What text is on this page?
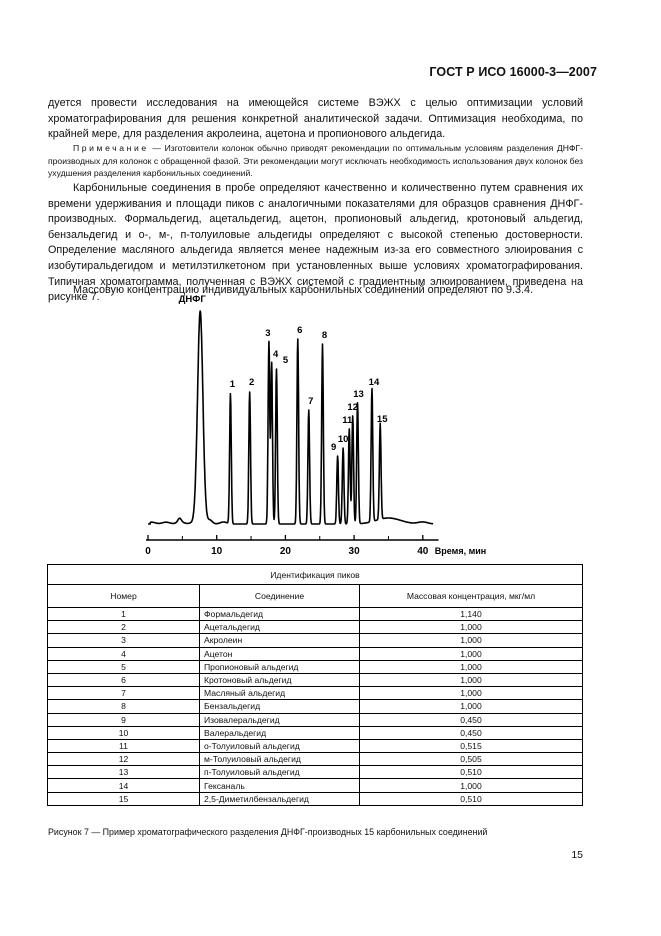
ГОСТ Р ИСО 16000-3—2007

дуется провести исследования на имеющейся системе ВЭЖХ с целью оптимизации условий хроматографирования для решения конкретной аналитической задачи. Оптимизация необходима, по крайней мере, для разделения акролеина, ацетона и пропионового альдегида.

Примечание — Изготовители колонок обычно приводят рекомендации по оптимальным условиям разделения ДНФГ-производных для колонок с обращенной фазой. Эти рекомендации могут исключать необходимость использования двух колонок без ухудшения разделения карбонильных соединений.

Карбонильные соединения в пробе определяют качественно и количественно путем сравнения их времени удерживания и площади пиков с аналогичными показателями для образцов сравнения ДНФГ-производных. Формальдегид, ацетальдегид, ацетон, пропионовый альдегид, кротоновый альдегид, бензальдегид и о-, м-, п-толуиловые альдегиды определяют с высокой степенью достоверности. Определение масляного альдегида является менее надежным из-за его совместного элюирования с изобутиральдегидом и метилэтилкетоном при установленных выше условиях хроматографирования. Типичная хроматограмма, полученная с ВЭЖХ системой с градиентным элюированием, приведена на рисунке 7.

Массовую концентрацию индивидуальных карбонильных соединений определяют по 9.3.4.

0	10	20	30	40 Время, мин
ДНФГ
1 2
3
4
5
6
7
8
9
10
11
12
13
14
15
Идентификация пиков		
Номер	Соединение	Массовая концентрация, мкг/мл
1	Формальдегид	1,140
2	Ацетальдегид	1,000
3	Акролеин	1,000
4	Ацетон	1,000
5	Пропионовый альдегид	1,000
6	Кротоновый альдегид	1,000
7	Масляный альдегид	1,000
8	Бензальдегид	1,000
9	Изовалеральдегид	0,450
10	Валеральдегид	0,450
11	о-Толуиловый альдегид	0,515
12	м-Толуиловый альдегид	0,505
13	п-Толуиловый альдегид	0,510
14	Гексаналь	1,000
15	2,5-Диметилбензальдегид	0,510
Рисунок 7 — Пример хроматографического разделения ДНФГ-производных 15 карбонильных соединений
15
